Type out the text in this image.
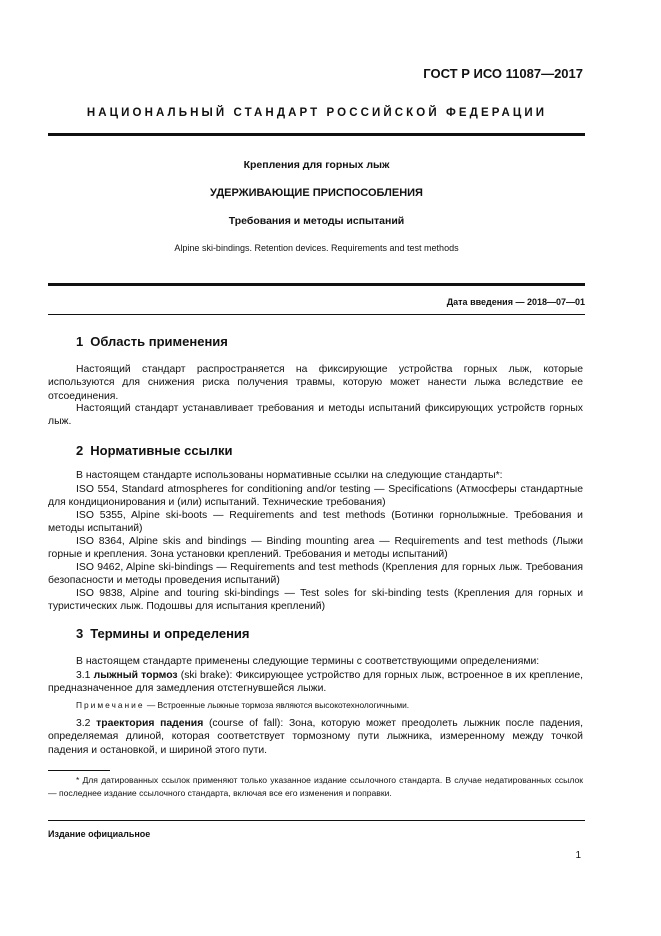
ГОСТ Р ИСО 11087—2017
НАЦИОНАЛЬНЫЙ СТАНДАРТ РОССИЙСКОЙ ФЕДЕРАЦИИ
Крепления для горных лыж
УДЕРЖИВАЮЩИЕ ПРИСПОСОБЛЕНИЯ
Требования и методы испытаний
Alpine ski-bindings. Retention devices. Requirements and test methods
Дата введения — 2018—07—01
1 Область применения
Настоящий стандарт распространяется на фиксирующие устройства горных лыж, которые используются для снижения риска получения травмы, которую может нанести лыжа вследствие ее отсоединения.
Настоящий стандарт устанавливает требования и методы испытаний фиксирующих устройств горных лыж.
2 Нормативные ссылки
В настоящем стандарте использованы нормативные ссылки на следующие стандарты*:
ISO 554, Standard atmospheres for conditioning and/or testing — Specifications (Атмосферы стандартные для кондиционирования и (или) испытаний. Технические требования)
ISO 5355, Alpine ski-boots — Requirements and test methods (Ботинки горнолыжные. Требования и методы испытаний)
ISO 8364, Alpine skis and bindings — Binding mounting area — Requirements and test methods (Лыжи горные и крепления. Зона установки креплений. Требования и методы испытаний)
ISO 9462, Alpine ski-bindings — Requirements and test methods (Крепления для горных лыж. Требования безопасности и методы проведения испытаний)
ISO 9838, Alpine and touring ski-bindings — Test soles for ski-binding tests (Крепления для горных и туристических лыж. Подошвы для испытания креплений)
3 Термины и определения
В настоящем стандарте применены следующие термины с соответствующими определениями:
3.1 лыжный тормоз (ski brake): Фиксирующее устройство для горных лыж, встроенное в их крепление, предназначенное для замедления отстегнувшейся лыжи.
Примечание — Встроенные лыжные тормоза являются высокотехнологичными.
3.2 траектория падения (course of fall): Зона, которую может преодолеть лыжник после падения, определяемая длиной, которая соответствует тормозному пути лыжника, измеренному между точкой падения и остановкой, и шириной этого пути.
* Для датированных ссылок применяют только указанное издание ссылочного стандарта. В случае недатированных ссылок — последнее издание ссылочного стандарта, включая все его изменения и поправки.
Издание официальное
1
